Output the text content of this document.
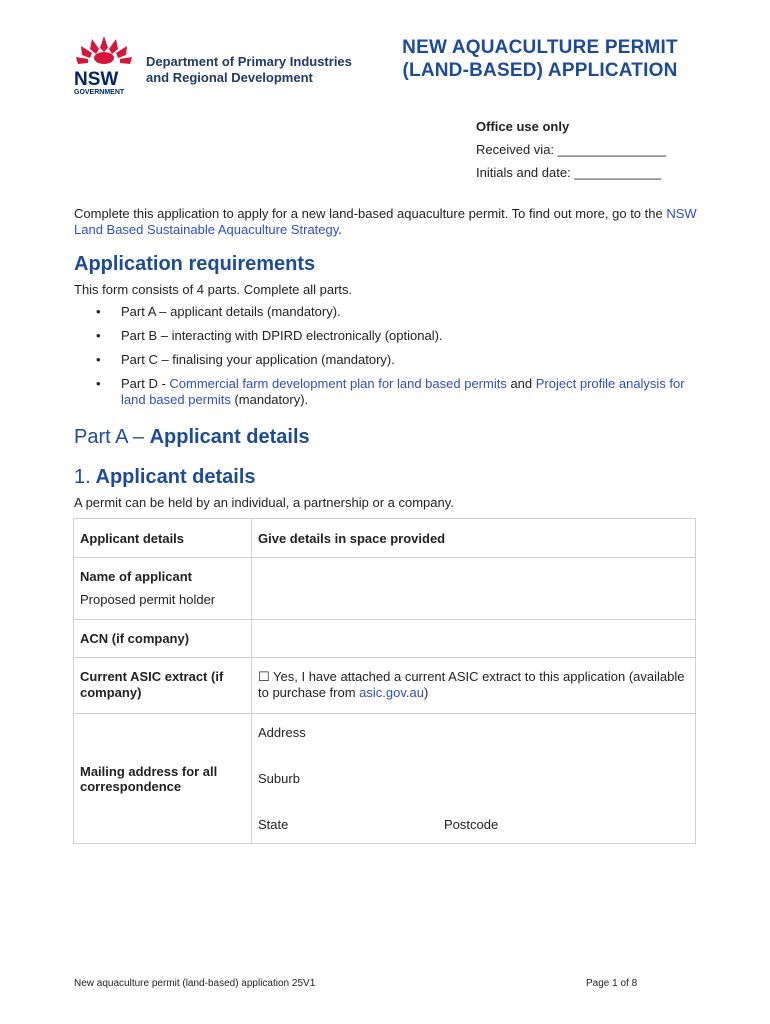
NSW
GOVERNMENT
Department of Primary Industries
and Regional Development
NEW AQUACULTURE PERMIT
(LAND-BASED) APPLICATION
Office use only
Received via: _______________
Initials and date: ____________
Complete this application to apply for a new land-based aquaculture permit. To find out more, go to the NSW Land Based Sustainable Aquaculture Strategy.
Application requirements
This form consists of 4 parts. Complete all parts.
• Part A – applicant details (mandatory).
• Part B – interacting with DPIRD electronically (optional).
• Part C – finalising your application (mandatory).
• Part D - Commercial farm development plan for land based permits and Project profile analysis for land based permits (mandatory).
Part A – Applicant details
1. Applicant details
A permit can be held by an individual, a partnership or a company.
Applicant details	Give details in space provided

Name of applicant
Proposed permit holder	

ACN (if company)	

Current ASIC extract (if company)	☐ Yes, I have attached a current ASIC extract to this application (available to purchase from asic.gov.au)

Mailing address for all correspondence	Address
Suburb
State Postcode
New aquaculture permit (land-based) application 25V1	Page 1 of 8
